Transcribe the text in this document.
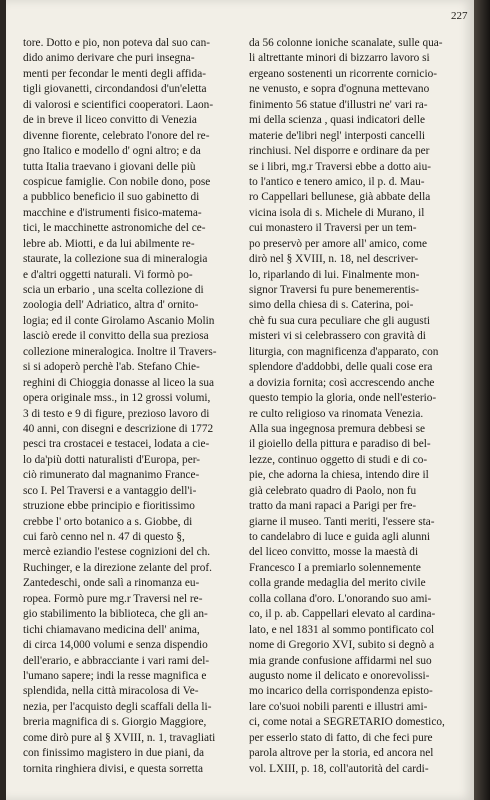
227
tore. Dotto e pio, non poteva dal suo can-
dido animo derivare che puri insegna-
menti per fecondar le menti degli affida-
tigli giovanetti, circondandosi d'un'eletta
di valorosi e scientifici cooperatori. Laon-
de in breve il liceo convitto di Venezia
divenne fiorente, celebrato l'onore del re-
gno Italico e modello d' ogni altro; e da
tutta Italia traevano i giovani delle più
cospicue famiglie. Con nobile dono, pose
a pubblico beneficio il suo gabinetto di
macchine e d'istrumenti fisico-matema-
tici, le macchinette astronomiche del ce-
lebre ab. Miotti, e da lui abilmente re-
staurate, la collezione sua di mineralogia
e d'altri oggetti naturali. Vi formò po-
scia un erbario , una scelta collezione di
zoologia dell' Adriatico, altra d' ornito-
logia; ed il conte Girolamo Ascanio Molin
lasciò erede il convitto della sua preziosa
collezione mineralogica. Inoltre il Travers-
si si adoperò perchè l'ab. Stefano Chie-
reghini di Chioggia donasse al liceo la sua
opera originale mss., in 12 grossi volumi,
3 di testo e 9 di figure, prezioso lavoro di
40 anni, con disegni e descrizione di 1772
pesci tra crostacei e testacei, lodata a cie-
lo da'più dotti naturalisti d'Europa, per-
ciò rimunerato dal magnanimo France-
sco I. Pel Traversi e a vantaggio dell'i-
struzione ebbe principio e fioritissimo
crebbe l' orto botanico a s. Giobbe, di
cui farò cenno nel n. 47 di questo §,
mercè eziandio l'estese cognizioni del ch.
Ruchinger, e la direzione zelante del prof.
Zantedeschi, onde salì a rinomanza eu-
ropea. Formò pure mg.r Traversi nel re-
gio stabilimento la biblioteca, che gli an-
tichi chiamavano medicina dell' anima,
di circa 14,000 volumi e senza dispendio
dell'erario, e abbracciante i vari rami del-
l'umano sapere; indi la resse magnifica e
splendida, nella città miracolosa di Ve-
nezia, per l'acquisto degli scaffali della li-
breria magnifica di s. Giorgio Maggiore,
come dirò pure al § XVIII, n. 1, travagliati
con finissimo magistero in due piani, da
tornita ringhiera divisi, e questa sorretta
da 56 colonne ioniche scanalate, sulle qua-
li altrettante minori di bizzarro lavoro si
ergeano sostenenti un ricorrente cornicio-
ne venusto, e sopra d'ognuna mettevano
finimento 56 statue d'illustri ne' vari ra-
mi della scienza , quasi indicatori delle
materie de'libri negl' interposti cancelli
rinchiusi. Nel disporre e ordinare da per
se i libri, mg.r Traversi ebbe a dotto aiu-
to l'antico e tenero amico, il p. d. Mau-
ro Cappellari bellunese, già abbate della
vicina isola di s. Michele di Murano, il
cui monastero il Traversi per un tem-
po preservò per amore all' amico, come
dirò nel § XVIII, n. 18, nel descriver-
lo, riparlando di lui. Finalmente mon-
signor Traversi fu pure benemerentis-
simo della chiesa di s. Caterina, poi-
chè fu sua cura peculiare che gli augusti
misteri vi si celebrassero con gravità di
liturgia, con magnificenza d'apparato, con
splendore d'addobbi, delle quali cose era
a dovizia fornita; così accrescendo anche
questo tempio la gloria, onde nell'esterio-
re culto religioso va rinomata Venezia.
Alla sua ingegnosa premura debbesi se
il gioiello della pittura e paradiso di bel-
lezze, continuo oggetto di studi e di co-
pie, che adorna la chiesa, intendo dire il
già celebrato quadro di Paolo, non fu
tratto da mani rapaci a Parigi per fre-
giarne il museo. Tanti meriti, l'essere sta-
to candelabro di luce e guida agli alunni
del liceo convitto, mosse la maestà di
Francesco I a premiarlo solennemente
colla grande medaglia del merito civile
colla collana d'oro. L'onorando suo ami-
co, il p. ab. Cappellari elevato al cardina-
lato, e nel 1831 al sommo pontificato col
nome di Gregorio XVI, subito si degnò a
mia grande confusione affidarmi nel suo
augusto nome il delicato e onorevolissi-
mo incarico della corrispondenza episto-
lare co'suoi nobili parenti e illustri ami-
ci, come notai a SEGRETARIO domestico,
per esserlo stato di fatto, di che feci pure
parola altrove per la storia, ed ancora nel
vol. LXIII, p. 18, coll'autorità del cardi-
